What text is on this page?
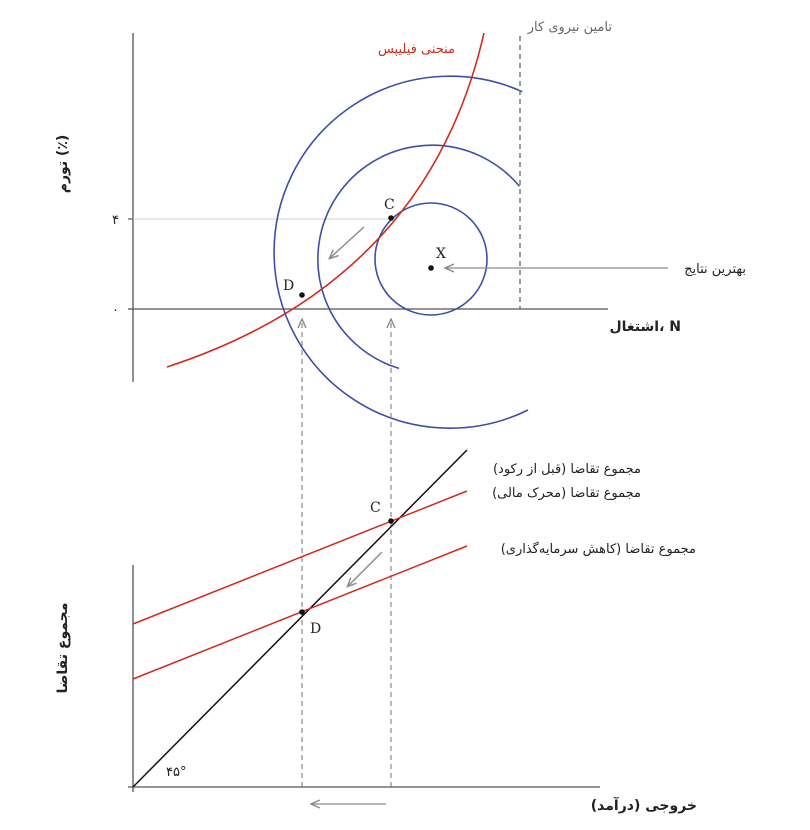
C
D
X
۴
۰
منحنی فیلیپس
تامین نیروی کار
بهترین نتایج
اشتغال، N
تورم (٪)
C
D
۴۵°
مجموع تقاضا (قبل از رکود)
مجموع تقاضا (محرک مالی)
مجموع تقاضا (کاهش سرمایه‌گذاری)
خروجی (درآمد)
مجموع تقاضا
